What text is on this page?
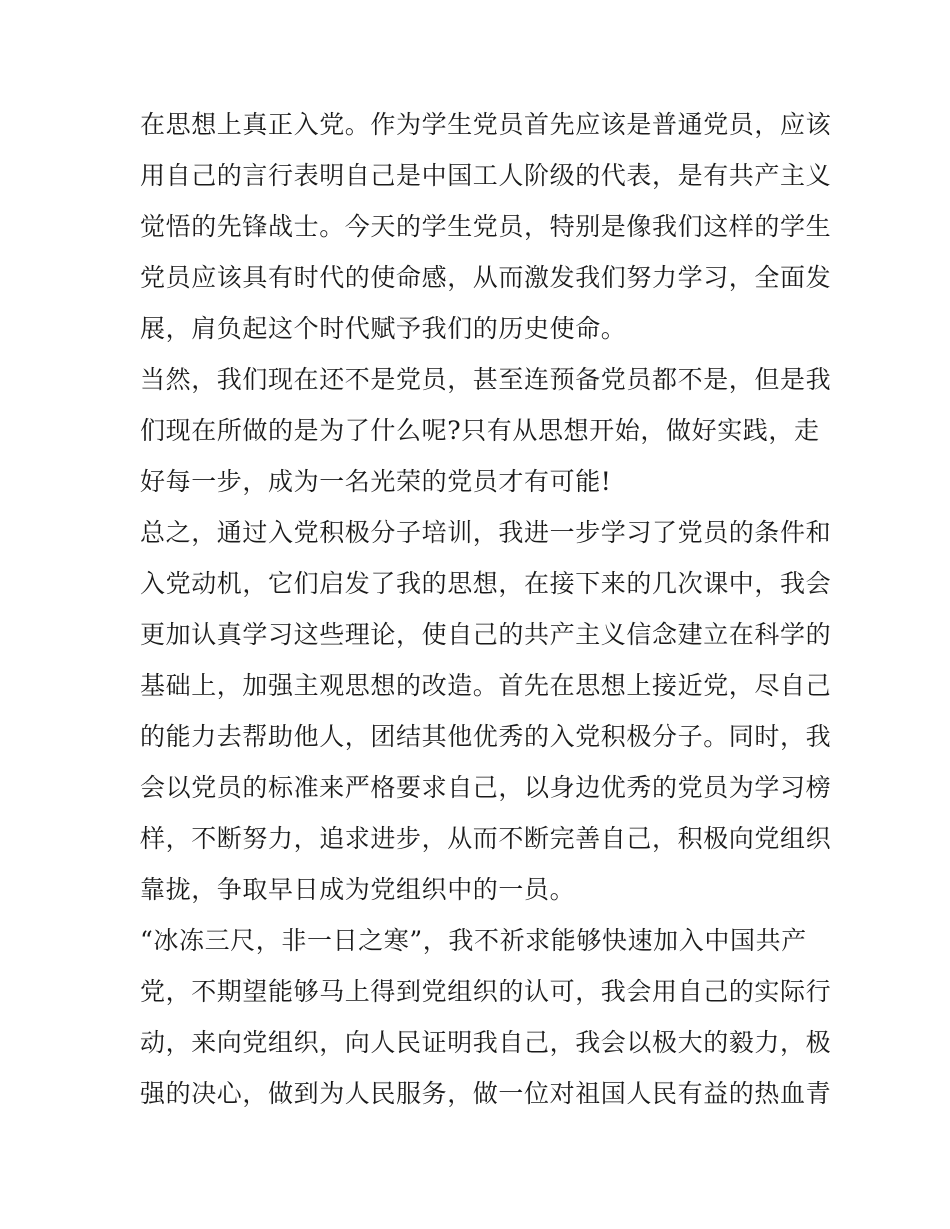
在思想上真正入党。作为学生党员首先应该是普通党员，应该
用自己的言行表明自己是中国工人阶级的代表，是有共产主义
觉悟的先锋战士。今天的学生党员，特别是像我们这样的学生
党员应该具有时代的使命感，从而激发我们努力学习，全面发
展，肩负起这个时代赋予我们的历史使命。
当然，我们现在还不是党员，甚至连预备党员都不是，但是我
们现在所做的是为了什么呢?只有从思想开始，做好实践，走
好每一步，成为一名光荣的党员才有可能!
总之，通过入党积极分子培训，我进一步学习了党员的条件和
入党动机，它们启发了我的思想，在接下来的几次课中，我会
更加认真学习这些理论，使自己的共产主义信念建立在科学的
基础上，加强主观思想的改造。首先在思想上接近党，尽自己
的能力去帮助他人，团结其他优秀的入党积极分子。同时，我
会以党员的标准来严格要求自己，以身边优秀的党员为学习榜
样，不断努力，追求进步，从而不断完善自己，积极向党组织
靠拢，争取早日成为党组织中的一员。
“冰冻三尺，非一日之寒”，我不祈求能够快速加入中国共产
党，不期望能够马上得到党组织的认可，我会用自己的实际行
动，来向党组织，向人民证明我自己，我会以极大的毅力，极
强的决心，做到为人民服务，做一位对祖国人民有益的热血青
